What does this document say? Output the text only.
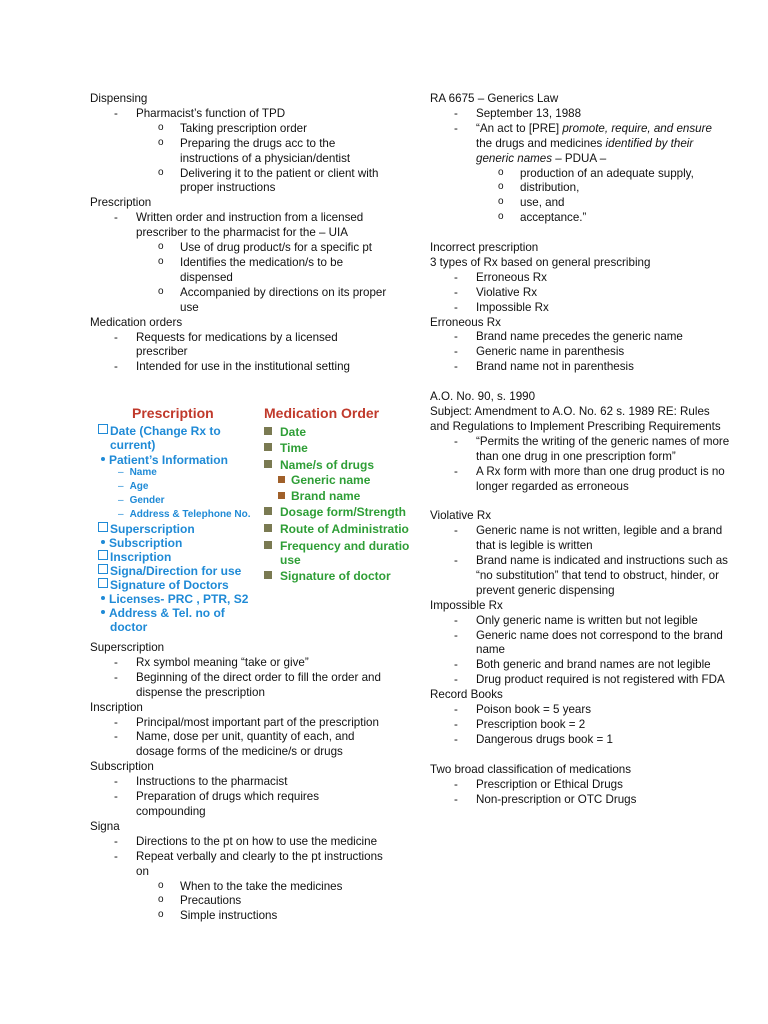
Dispensing
- Pharmacist’s function of TPD
o Taking prescription order
o Preparing the drugs acc to the instructions of a physician/dentist
o Delivering it to the patient or client with proper instructions
Prescription
- Written order and instruction from a licensed prescriber to the pharmacist for the – UIA
o Use of drug product/s for a specific pt
o Identifies the medication/s to be dispensed
o Accompanied by directions on its proper use
Medication orders
- Requests for medications by a licensed prescriber
- Intended for use in the institutional setting
Prescription	Medication Order
Date (Change Rx to
current)
Patient’s Information
– Name
– Age
– Gender
– Address & Telephone No.
Superscription
Subscription
Inscription
Signa/Direction for use
Signature of Doctors
Licenses- PRC , PTR, S2
Address & Tel. no of
doctor
Date
Time
Name/s of drugs
Generic name
Brand name
Dosage form/Strength
Route of Administratio
Frequency and duratio
use
Signature of doctor
Superscription
- Rx symbol meaning “take or give”
- Beginning of the direct order to fill the order and dispense the prescription
Inscription
- Principal/most important part of the prescription
- Name, dose per unit, quantity of each, and dosage forms of the medicine/s or drugs
Subscription
- Instructions to the pharmacist
- Preparation of drugs which requires compounding
Signa
- Directions to the pt on how to use the medicine
- Repeat verbally and clearly to the pt instructions on
o When to the take the medicines
o Precautions
o Simple instructions
RA 6675 – Generics Law
- September 13, 1988
- “An act to [PRE] promote, require, and ensure the drugs and medicines identified by their generic names – PDUA –
o production of an adequate supply,
o distribution,
o use, and
o acceptance.”
Incorrect prescription
3 types of Rx based on general prescribing
- Erroneous Rx
- Violative Rx
- Impossible Rx
Erroneous Rx
- Brand name precedes the generic name
- Generic name in parenthesis
- Brand name not in parenthesis
A.O. No. 90, s. 1990
Subject: Amendment to A.O. No. 62 s. 1989 RE: Rules and Regulations to Implement Prescribing Requirements
- “Permits the writing of the generic names of more than one drug in one prescription form”
- A Rx form with more than one drug product is no longer regarded as erroneous
Violative Rx
- Generic name is not written, legible and a brand that is legible is written
- Brand name is indicated and instructions such as “no substitution” that tend to obstruct, hinder, or prevent generic dispensing
Impossible Rx
- Only generic name is written but not legible
- Generic name does not correspond to the brand name
- Both generic and brand names are not legible
- Drug product required is not registered with FDA
Record Books
- Poison book = 5 years
- Prescription book = 2
- Dangerous drugs book = 1
Two broad classification of medications
- Prescription or Ethical Drugs
- Non-prescription or OTC Drugs
